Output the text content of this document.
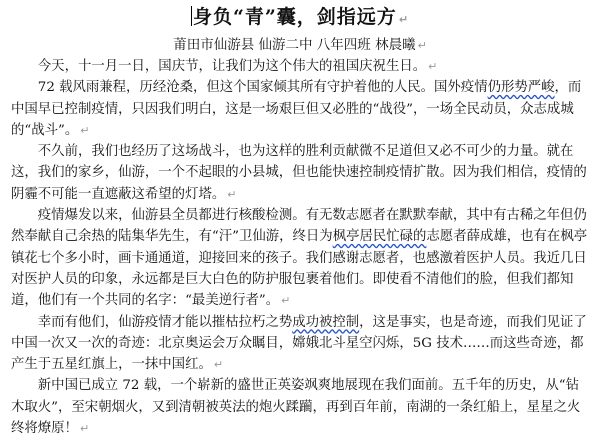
身负“青”囊，剑指远方 ↵
莆田市仙游县 仙游二中 八年四班 林晨曦 ↵

今天，十一月一日，国庆节，让我们为这个伟大的祖国庆祝生日。 ↵

72 载风雨兼程，历经沧桑，但这个国家倾其所有守护着他的人民。国外疫情仍形势严峻，而中国早已控制疫情，只因我们明白，这是一场艰巨但又必胜的“战役”，一场全民动员，众志成城的“战斗”。 ↵

不久前，我们也经历了这场战斗，也为这样的胜利贡献微不足道但又必不可少的力量。就在这，我们的家乡，仙游，一个不起眼的小县城，但也能快速控制疫情扩散。因为我们相信，疫情的阴霾不可能一直遮蔽这希望的灯塔。 ↵

疫情爆发以来，仙游县全员都进行核酸检测。有无数志愿者在默默奉献，其中有古稀之年但仍然奉献自己余热的陆集华先生，有“汗”卫仙游，终日为枫亭居民忙碌的志愿者薛成雄，也有在枫亭镇花七个多小时，画卡通通道，迎接回来的孩子。我们感谢志愿者，也感激着医护人员。我近几日对医护人员的印象，永远都是巨大白色的防护服包裹着他们。即使看不清他们的脸，但我们都知道，他们有一个共同的名字：“最美逆行者”。 ↵

幸而有他们，仙游疫情才能以摧枯拉朽之势成功被控制，这是事实，也是奇迹，而我们见证了中国一次又一次的奇迹：北京奥运会万众瞩目，嫦娥北斗星空闪烁，5G 技术……而这些奇迹，都产生于五星红旗上，一抹中国红。 ↵

新中国已成立 72 载，一个崭新的盛世正英姿飒爽地展现在我们面前。五千年的历史，从“钻木取火”，至宋朝烟火，又到清朝被英法的炮火蹂躏，再到百年前，南湖的一条红船上，星星之火终将燎原！ ↵
